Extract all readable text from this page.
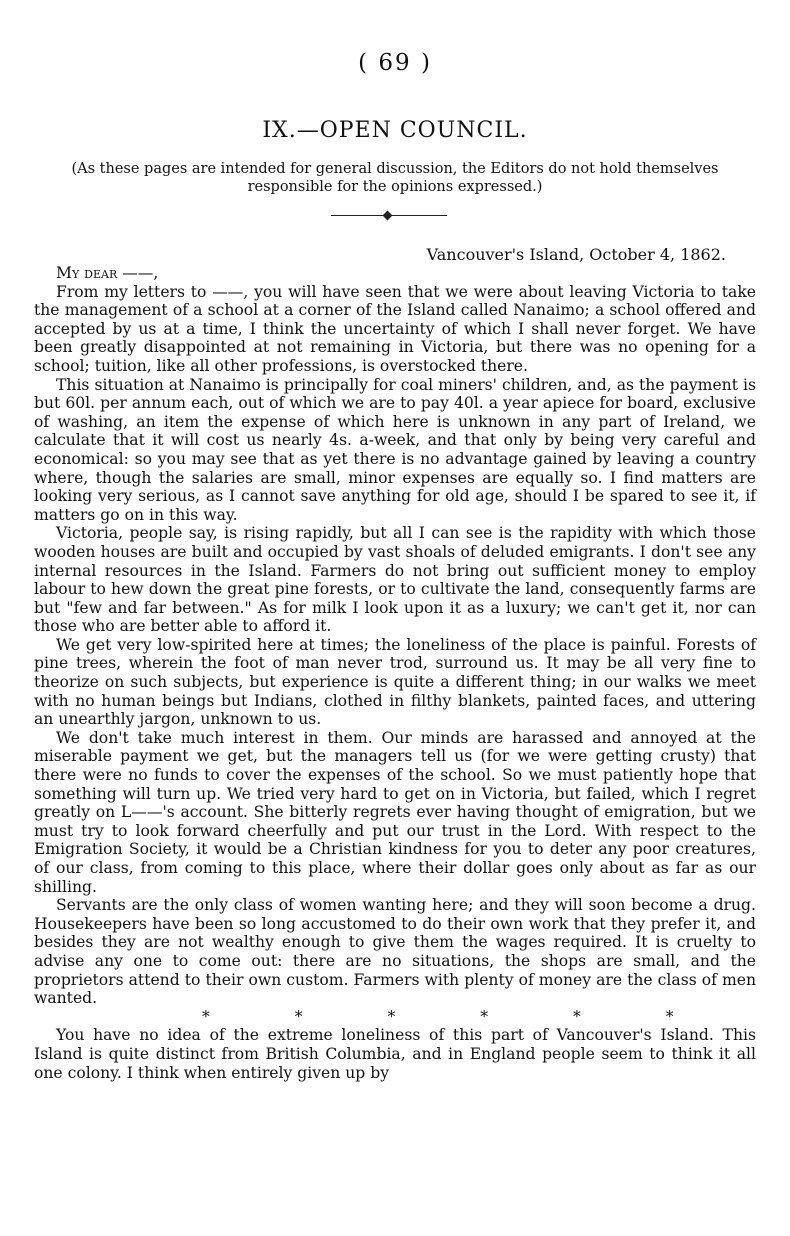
( 69 )
IX.—OPEN COUNCIL.
(As these pages are intended for general discussion, the Editors do not hold themselves responsible for the opinions expressed.)
Vancouver's Island, October 4, 1862.

My dear ——,

From my letters to ——, you will have seen that we were about leaving Victoria to take the management of a school at a corner of the Island called Nanaimo; a school offered and accepted by us at a time, I think the uncertainty of which I shall never forget. We have been greatly disappointed at not remaining in Victoria, but there was no opening for a school; tuition, like all other professions, is overstocked there.

This situation at Nanaimo is principally for coal miners' children, and, as the payment is but 60l. per annum each, out of which we are to pay 40l. a year apiece for board, exclusive of washing, an item the expense of which here is unknown in any part of Ireland, we calculate that it will cost us nearly 4s. a-week, and that only by being very careful and economical: so you may see that as yet there is no advantage gained by leaving a country where, though the salaries are small, minor expenses are equally so. I find matters are looking very serious, as I cannot save anything for old age, should I be spared to see it, if matters go on in this way.

Victoria, people say, is rising rapidly, but all I can see is the rapidity with which those wooden houses are built and occupied by vast shoals of deluded emigrants. I don't see any internal resources in the Island. Farmers do not bring out sufficient money to employ labour to hew down the great pine forests, or to cultivate the land, consequently farms are but "few and far between." As for milk I look upon it as a luxury; we can't get it, nor can those who are better able to afford it.

We get very low-spirited here at times; the loneliness of the place is painful. Forests of pine trees, wherein the foot of man never trod, surround us. It may be all very fine to theorize on such subjects, but experience is quite a different thing; in our walks we meet with no human beings but Indians, clothed in filthy blankets, painted faces, and uttering an unearthly jargon, unknown to us.

We don't take much interest in them. Our minds are harassed and annoyed at the miserable payment we get, but the managers tell us (for we were getting crusty) that there were no funds to cover the expenses of the school. So we must patiently hope that something will turn up. We tried very hard to get on in Victoria, but failed, which I regret greatly on L——'s account. She bitterly regrets ever having thought of emigration, but we must try to look forward cheerfully and put our trust in the Lord. With respect to the Emigration Society, it would be a Christian kindness for you to deter any poor creatures, of our class, from coming to this place, where their dollar goes only about as far as our shilling.

Servants are the only class of women wanting here; and they will soon become a drug. Housekeepers have been so long accustomed to do their own work that they prefer it, and besides they are not wealthy enough to give them the wages required. It is cruelty to advise any one to come out: there are no situations, the shops are small, and the proprietors attend to their own custom. Farmers with plenty of money are the class of men wanted.

* * * * * *

You have no idea of the extreme loneliness of this part of Vancouver's Island. This Island is quite distinct from British Columbia, and in England people seem to think it all one colony. I think when entirely given up by
